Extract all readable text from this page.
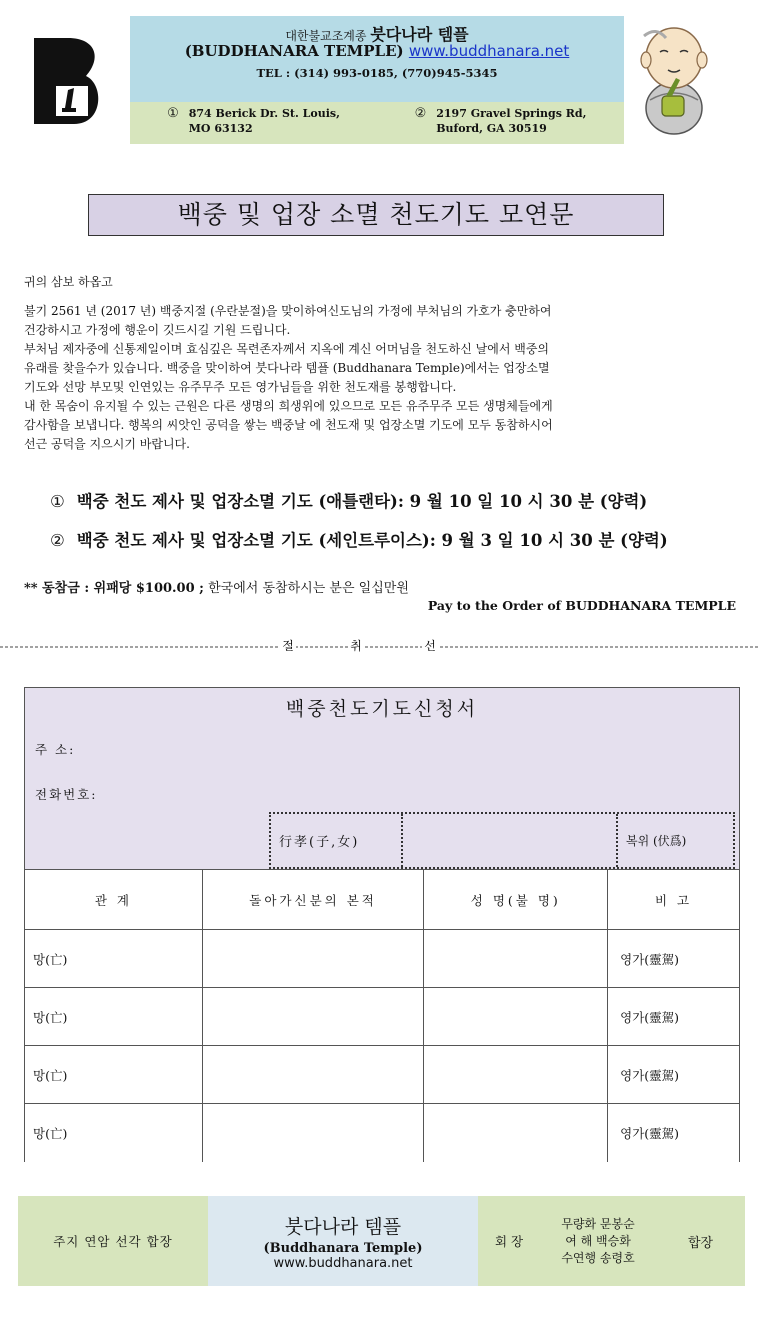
대한불교조계종 붓다나라 템플
(BUDDHANARA TEMPLE) www.buddhanara.net
TEL : (314) 993-0185, (770)945-5345
① 874 Berick Dr. St. Louis,
MO 63132
② 2197 Gravel Springs Rd,
Buford, GA 30519
백중 및 업장 소멸 천도기도 모연문
귀의 삼보 하옵고
불기 2561 년 (2017 년) 백중지절 (우란분절)을 맞이하여신도님의 가정에 부처님의 가호가 충만하여
건강하시고 가정에 행운이 깃드시길 기원 드립니다.
부처님 제자중에 신통제일이며 효심깊은 목련존자께서 지옥에 계신 어머님을 천도하신 날에서 백중의
유래를 찾을수가 있습니다. 백중을 맞이하여 붓다나라 템플 (Buddhanara Temple)에서는 업장소멸
기도와 선망 부모및 인연있는 유주무주 모든 영가님들을 위한 천도재를 봉행합니다.
내 한 목숨이 유지될 수 있는 근원은 다른 생명의 희생위에 있으므로 모든 유주무주 모든 생명체들에게
감사함을 보냅니다. 행복의 씨앗인 공덕을 쌓는 백중날 에 천도재 및 업장소멸 기도에 모두 동참하시어
선근 공덕을 지으시기 바랍니다.
① 백중 천도 제사 및 업장소멸 기도 (애틀랜타): 9 월 10 일 10 시 30 분 (양력)
② 백중 천도 제사 및 업장소멸 기도 (세인트루이스): 9 월 3 일 10 시 30 분 (양력)
** 동참금 : 위패당 $100.00 ; 한국에서 동참하시는 분은 일십만원
Pay to the Order of BUDDHANARA TEMPLE
절	취	선
백중천도기도신청서
주 소:
전화번호:
行孝(子,女)	복위 (伏爲)
관 계	돌아가신분의 본적	성 명(불 명)	비 고
망(亡)			영가(靈駕)
망(亡)			영가(靈駕)
망(亡)			영가(靈駕)
망(亡)			영가(靈駕)
주지 연암 선각 합장
붓다나라 템플
(Buddhanara Temple)
www.buddhanara.net
회 장
무량화 문봉순
여 해 백승화
수연행 송령호
합장
